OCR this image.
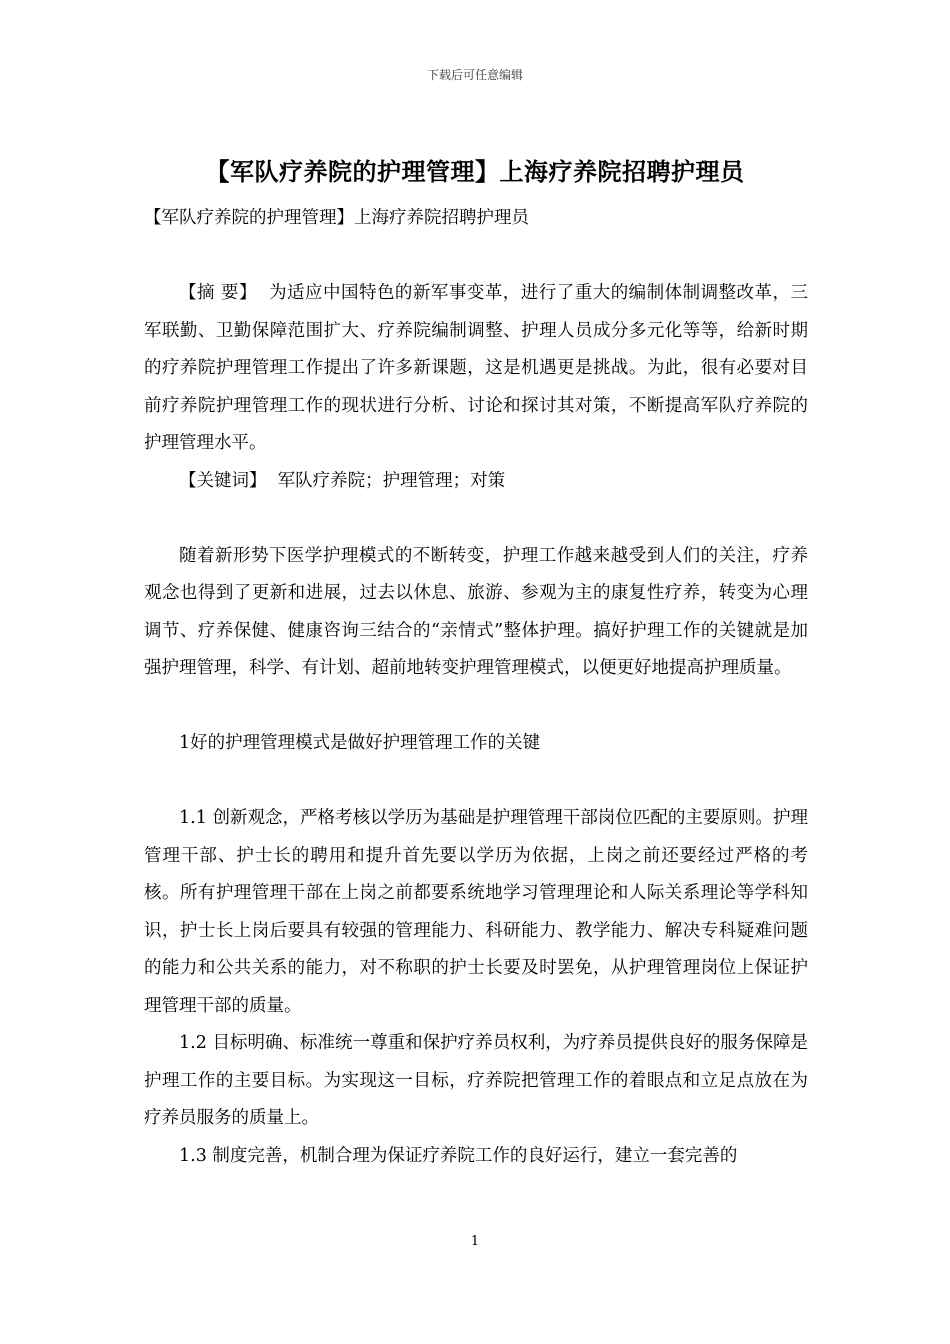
下载后可任意编辑
【军队疗养院的护理管理】上海疗养院招聘护理员

【军队疗养院的护理管理】上海疗养院招聘护理员

【摘 要】 为适应中国特色的新军事变革，进行了重大的编制体制调整改革，三军联勤、卫勤保障范围扩大、疗养院编制调整、护理人员成分多元化等等，给新时期的疗养院护理管理工作提出了许多新课题，这是机遇更是挑战。为此，很有必要对目前疗养院护理管理工作的现状进行分析、讨论和探讨其对策，不断提高军队疗养院的护理管理水平。

【关键词】 军队疗养院；护理管理；对策

随着新形势下医学护理模式的不断转变，护理工作越来越受到人们的关注，疗养观念也得到了更新和进展，过去以休息、旅游、参观为主的康复性疗养，转变为心理调节、疗养保健、健康咨询三结合的“亲情式”整体护理。搞好护理工作的关键就是加强护理管理，科学、有计划、超前地转变护理管理模式，以便更好地提高护理质量。

1好的护理管理模式是做好护理管理工作的关键

1.1 创新观念，严格考核以学历为基础是护理管理干部岗位匹配的主要原则。护理管理干部、护士长的聘用和提升首先要以学历为依据，上岗之前还要经过严格的考核。所有护理管理干部在上岗之前都要系统地学习管理理论和人际关系理论等学科知识，护士长上岗后要具有较强的管理能力、科研能力、教学能力、解决专科疑难问题的能力和公共关系的能力，对不称职的护士长要及时罢免，从护理管理岗位上保证护理管理干部的质量。

1.2 目标明确、标准统一尊重和保护疗养员权利，为疗养员提供良好的服务保障是护理工作的主要目标。为实现这一目标，疗养院把管理工作的着眼点和立足点放在为疗养员服务的质量上。

1.3 制度完善，机制合理为保证疗养院工作的良好运行，建立一套完善的

1
